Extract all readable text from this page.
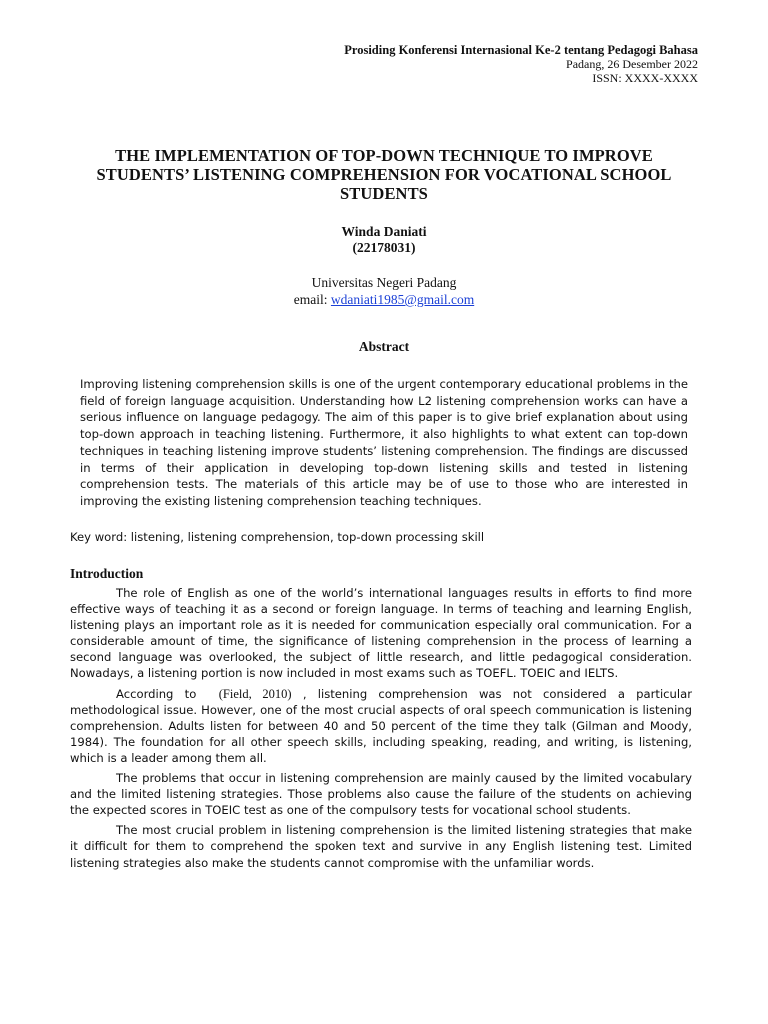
Prosiding Konferensi Internasional Ke-2 tentang Pedagogi Bahasa
Padang, 26 Desember 2022
ISSN: XXXX-XXXX
THE IMPLEMENTATION OF TOP-DOWN TECHNIQUE TO IMPROVE
STUDENTS’ LISTENING COMPREHENSION FOR VOCATIONAL SCHOOL
STUDENTS
Winda Daniati
(22178031)
Universitas Negeri Padang
email: wdaniati1985@gmail.com
Abstract

Improving listening comprehension skills is one of the urgent contemporary educational problems in the field of foreign language acquisition. Understanding how L2 listening comprehension works can have a serious influence on language pedagogy. The aim of this paper is to give brief explanation about using top-down approach in teaching listening. Furthermore, it also highlights to what extent can top-down techniques in teaching listening improve students’ listening comprehension. The findings are discussed in terms of their application in developing top-down listening skills and tested in listening comprehension tests. The materials of this article may be of use to those who are interested in improving the existing listening comprehension teaching techniques.

Key word: listening, listening comprehension, top-down processing skill
Introduction

The role of English as one of the world’s international languages results in efforts to find more effective ways of teaching it as a second or foreign language. In terms of teaching and learning English, listening plays an important role as it is needed for communication especially oral communication. For a considerable amount of time, the significance of listening comprehension in the process of learning a second language was overlooked, the subject of little research, and little pedagogical consideration. Nowadays, a listening portion is now included in most exams such as TOEFL. TOEIC and IELTS.

According to (Field, 2010) , listening comprehension was not considered a particular methodological issue. However, one of the most crucial aspects of oral speech communication is listening comprehension. Adults listen for between 40 and 50 percent of the time they talk (Gilman and Moody, 1984). The foundation for all other speech skills, including speaking, reading, and writing, is listening, which is a leader among them all.

The problems that occur in listening comprehension are mainly caused by the limited vocabulary and the limited listening strategies. Those problems also cause the failure of the students on achieving the expected scores in TOEIC test as one of the compulsory tests for vocational school students.

The most crucial problem in listening comprehension is the limited listening strategies that make it difficult for them to comprehend the spoken text and survive in any English listening test. Limited listening strategies also make the students cannot compromise with the unfamiliar words.
